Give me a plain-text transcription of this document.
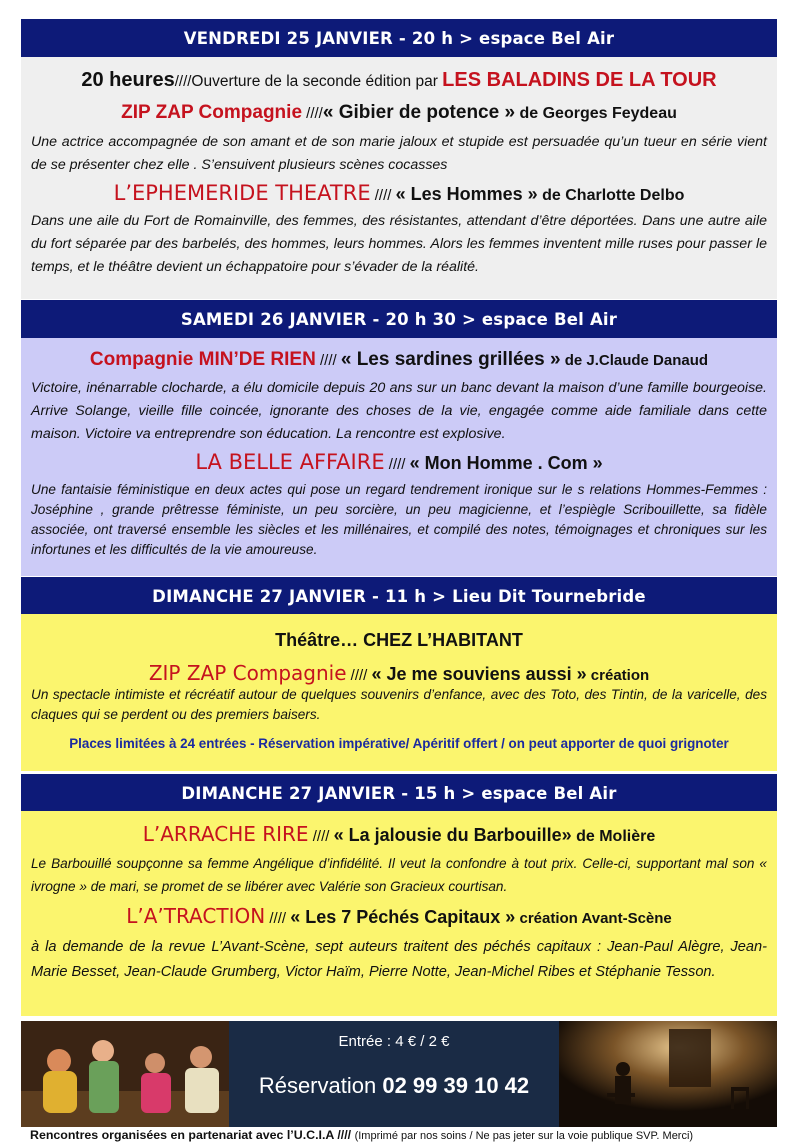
VENDREDI 25 JANVIER - 20 h > espace Bel Air
20 heures////Ouverture de la seconde édition par LES BALADINS DE LA TOUR
ZIP ZAP Compagnie ////« Gibier de potence » de Georges Feydeau
Une actrice accompagnée de son amant et de son marie jaloux et stupide est persuadée qu’un tueur en série vient de se présenter chez elle . S’ensuivent plusieurs scènes cocasses
L’EPHEMERIDE THEATRE //// « Les Hommes » de Charlotte Delbo
Dans une aile du Fort de Romainville, des femmes, des résistantes, attendant d’être déportées. Dans une autre aile du fort séparée par des barbelés, des hommes, leurs hommes. Alors les femmes inventent mille ruses pour passer le temps, et le théâtre devient un échappatoire pour s’évader de la réalité.
SAMEDI 26 JANVIER - 20 h 30 > espace Bel Air
Compagnie MIN’DE RIEN //// « Les sardines grillées » de J.Claude Danaud
Victoire, inénarrable clocharde, a élu domicile depuis 20 ans sur un banc devant la maison d’une famille bourgeoise. Arrive Solange, vieille fille coincée, ignorante des choses de la vie, engagée comme aide familiale dans cette maison. Victoire va entreprendre son éducation. La rencontre est explosive.
LA BELLE AFFAIRE //// « Mon Homme . Com »
Une fantaisie féministique en deux actes qui pose un regard tendrement ironique sur le s relations Hommes-Femmes : Joséphine , grande prêtresse féministe, un peu sorcière, un peu magicienne, et l’espiègle Scribouillette, sa fidèle associée, ont traversé ensemble les siècles et les millénaires, et compilé des notes, témoignages et chroniques sur les infortunes et les difficultés de la vie amoureuse.
DIMANCHE 27 JANVIER - 11 h > Lieu Dit Tournebride
Théâtre… CHEZ L’HABITANT
ZIP ZAP Compagnie //// « Je me souviens aussi » création
Un spectacle intimiste et récréatif autour de quelques souvenirs d’enfance, avec des Toto, des Tintin, de la varicelle, des claques qui se perdent ou des premiers baisers.
Places limitées à 24 entrées - Réservation impérative/ Apéritif offert / on peut apporter de quoi grignoter
DIMANCHE 27 JANVIER - 15 h > espace Bel Air
L’ARRACHE RIRE //// « La jalousie du Barbouille» de Molière
Le Barbouillé soupçonne sa femme Angélique d’infidélité. Il veut la confondre à tout prix. Celle-ci, supportant mal son « ivrogne » de mari, se promet de se libérer avec Valérie son Gracieux courtisan.
L’A’TRACTION //// « Les 7 Péchés Capitaux » création Avant-Scène
à la demande de la revue L’Avant-Scène, sept auteurs traitent des péchés capitaux : Jean-Paul Alègre, Jean-Marie Besset, Jean-Claude Grumberg, Victor Haïm, Pierre Notte, Jean-Michel Ribes et Stéphanie Tesson.
Entrée : 4 € / 2 €
Réservation 02 99 39 10 42
Rencontres organisées en partenariat avec l’U.C.I.A //// (Imprimé par nos soins / Ne pas jeter sur la voie publique SVP. Merci)
